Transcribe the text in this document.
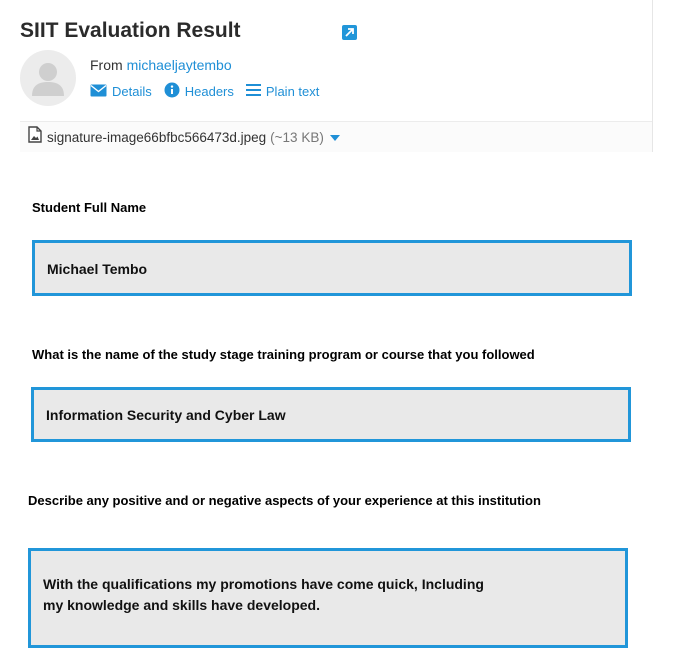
SIIT Evaluation Result
From michaeljaytembo
Details	Headers Plain text
signature-image66bfbc566473d.jpeg (~13 KB)
Student Full Name
Michael Tembo
What is the name of the study stage training program or course that you followed
Information Security and Cyber Law
Describe any positive and or negative aspects of your experience at this institution
With the qualifications my promotions have come quick, Including
my knowledge and skills have developed.
